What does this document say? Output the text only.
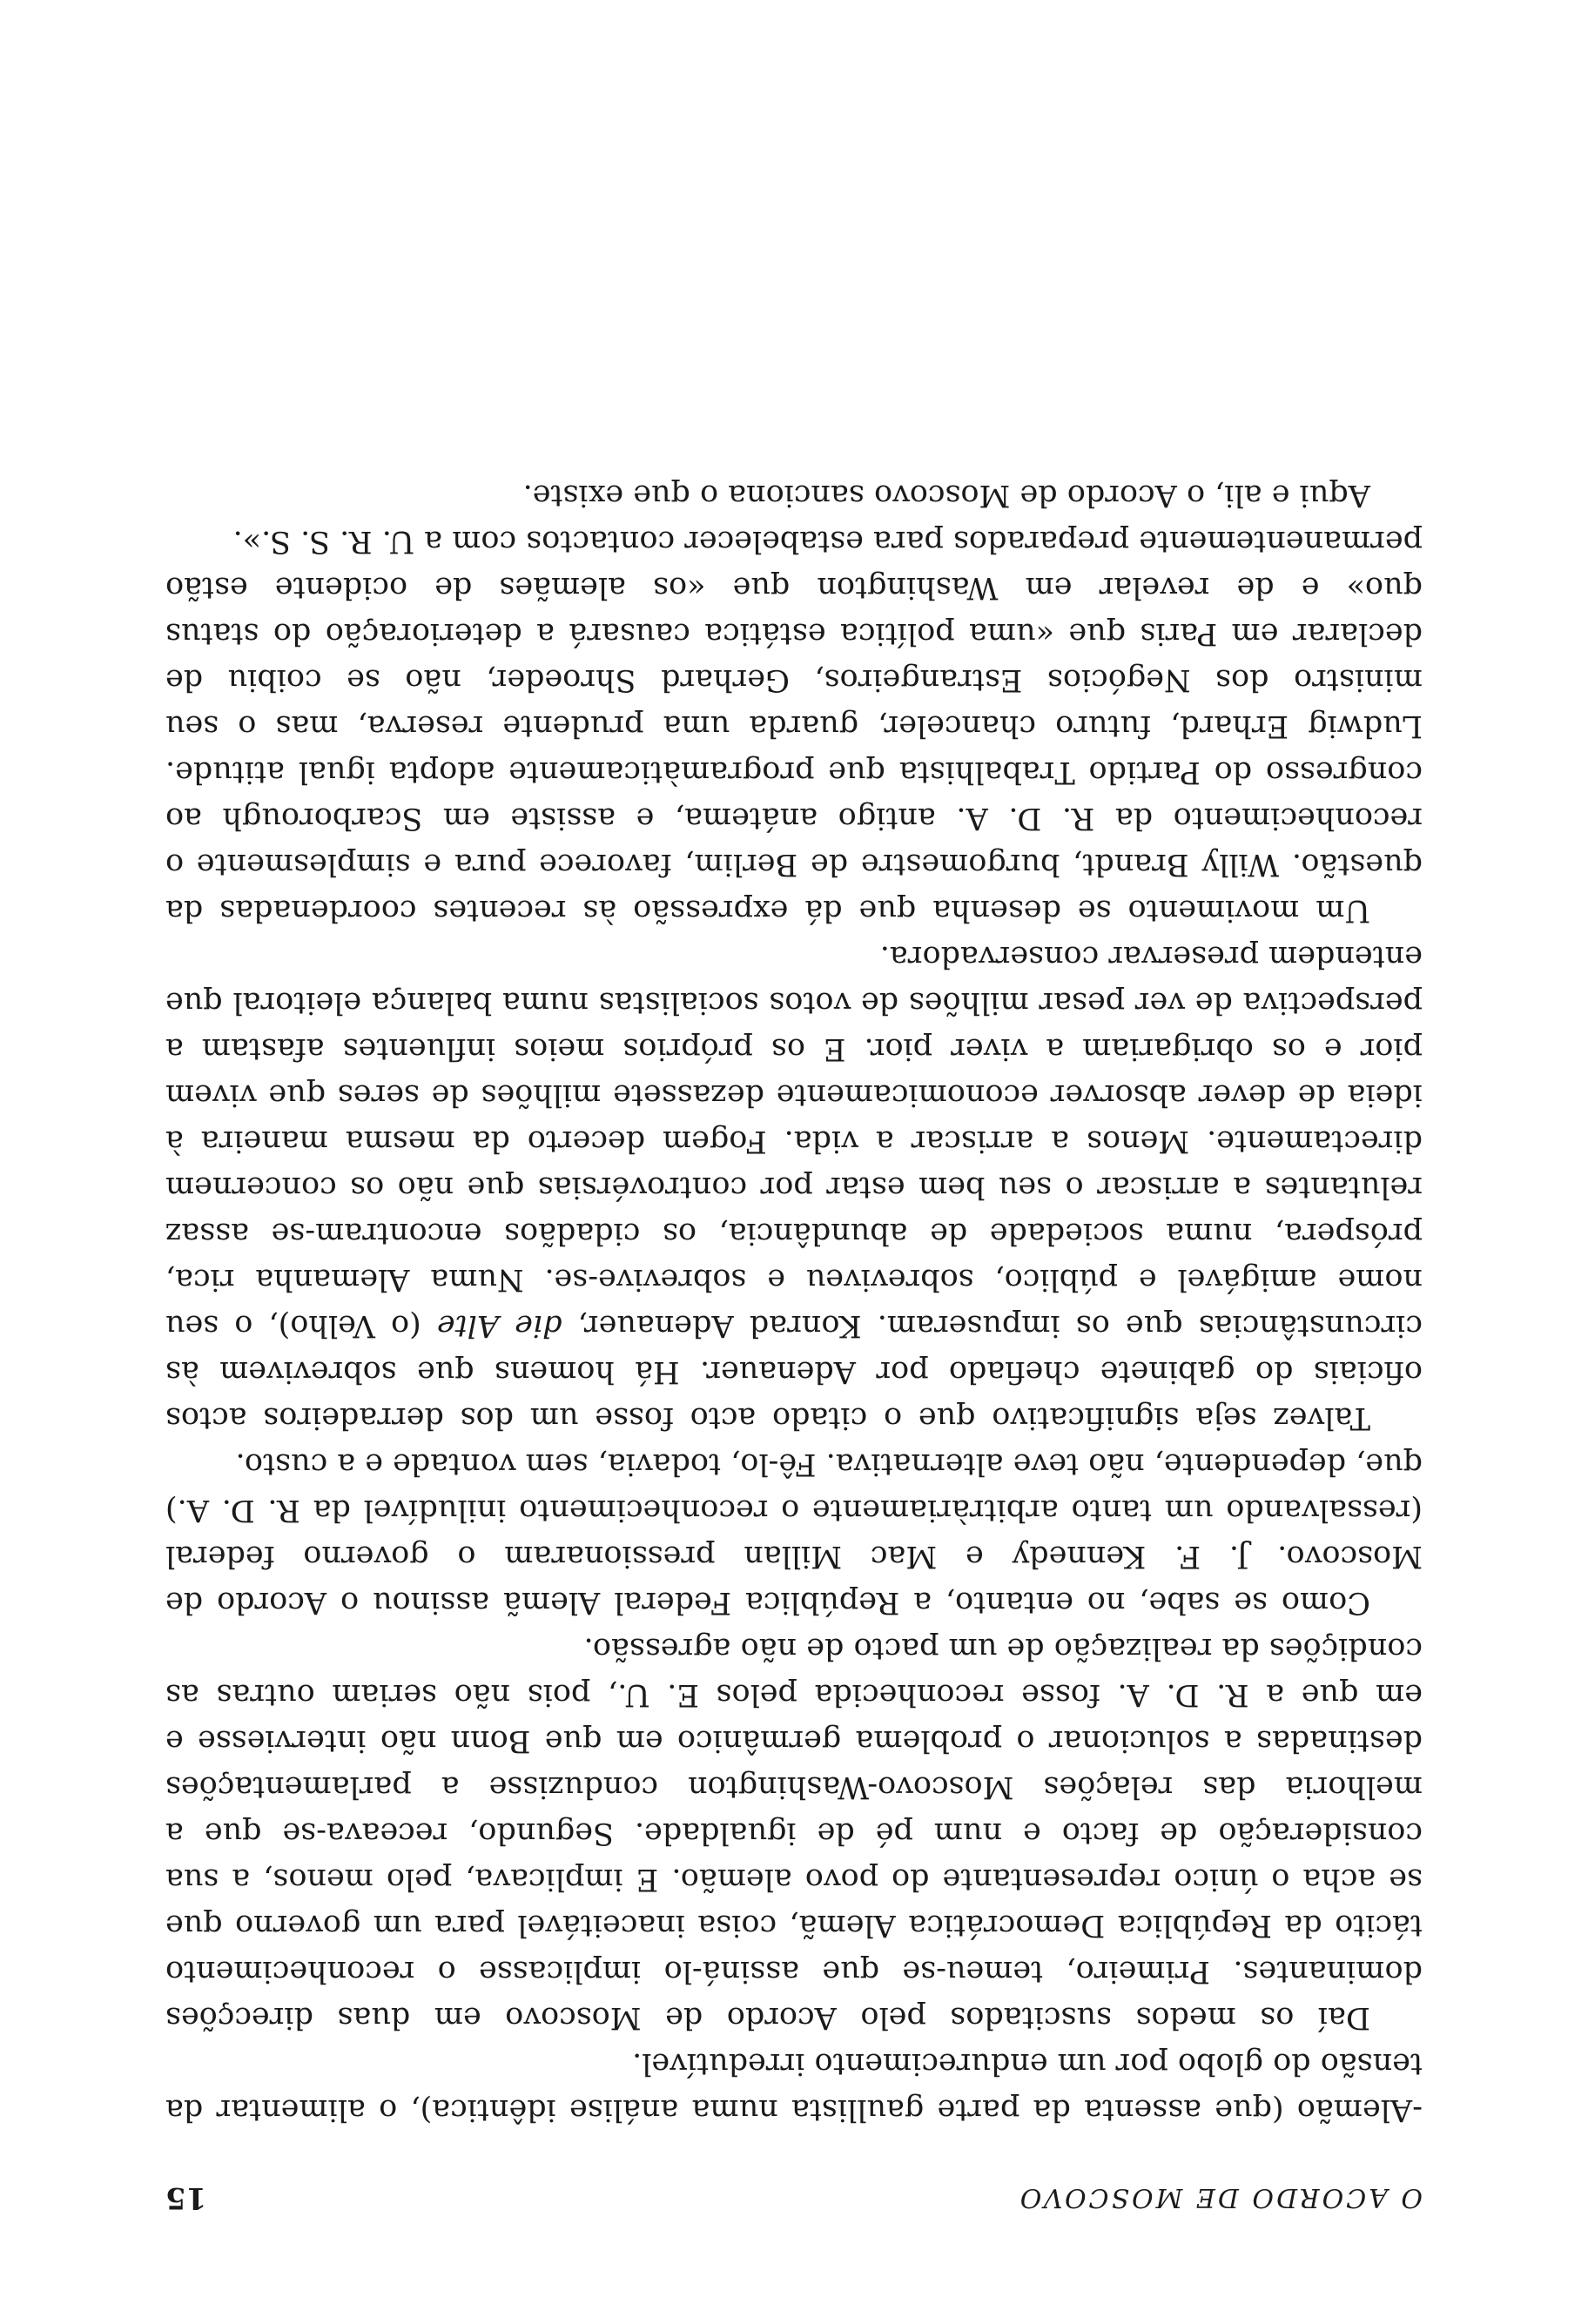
O ACORDO DE MOSCOVO
15

-Alemão (que assenta da parte gaullista numa análise idêntica), o alimentar da tensão do globo por um endurecimento irredutível.

Daí os medos suscitados pelo Acordo de Moscovo em duas direcções dominantes. Primeiro, temeu-se que assiná-lo implicasse o reconhecimento tácito da República Democrática Alemã, coisa inaceitável para um governo que se acha o único representante do povo alemão. E implicava, pelo menos, a sua consideração de facto e num pé de igualdade. Segundo, receava-se que a melhoria das relações Moscovo-Washington conduzisse a parlamentações destinadas a solucionar o problema germânico em que Bonn não interviesse e em que a R. D. A. fosse reconhecida pelos E. U., pois não seriam outras as condições da realização de um pacto de não agressão.

Como se sabe, no entanto, a República Federal Alemã assinou o Acordo de Moscovo. J. F. Kennedy e Mac Millan pressionaram o governo federal (ressalvando um tanto arbitràriamente o reconhecimento iniludível da R. D. A.) que, dependente, não teve alternativa. Fê-lo, todavia, sem vontade e a custo.

Talvez seja significativo que o citado acto fosse um dos derradeiros actos oficiais do gabinete chefiado por Adenauer. Há homens que sobrevivem às circunstâncias que os impuseram. Konrad Adenauer, die Alte (o Velho), o seu nome amigável e público, sobreviveu e sobrevive-se. Numa Alemanha rica, próspera, numa sociedade de abundância, os cidadãos encontram-se assaz relutantes a arriscar o seu bem estar por controvérsias que não os concernem directamente. Menos a arriscar a vida. Fogem decerto da mesma maneira à ideia de dever absorver economicamente dezassete milhões de seres que vivem pior e os obrigariam a viver pior. E os próprios meios influentes afastam a perspectiva de ver pesar milhões de votos socialistas numa balança eleitoral que entendem preservar conservadora.

Um movimento se desenha que dá expressão às recentes coordenadas da questão. Willy Brandt, burgomestre de Berlim, favorece pura e simplesmente o reconhecimento da R. D. A. antigo anátema, e assiste em Scarborough ao congresso do Partido Trabalhista que programàticamente adopta igual atitude. Ludwig Erhard, futuro chanceler, guarda uma prudente reserva, mas o seu ministro dos Negócios Estrangeiros, Gerhard Shroeder, não se coibiu de declarar em Paris que «uma política estática causará a deterioração do status quo» e de revelar em Washington que «os alemães de ocidente estão permanentemente preparados para estabelecer contactos com a U. R. S. S.».

Aqui e ali, o Acordo de Moscovo sanciona o que existe.
